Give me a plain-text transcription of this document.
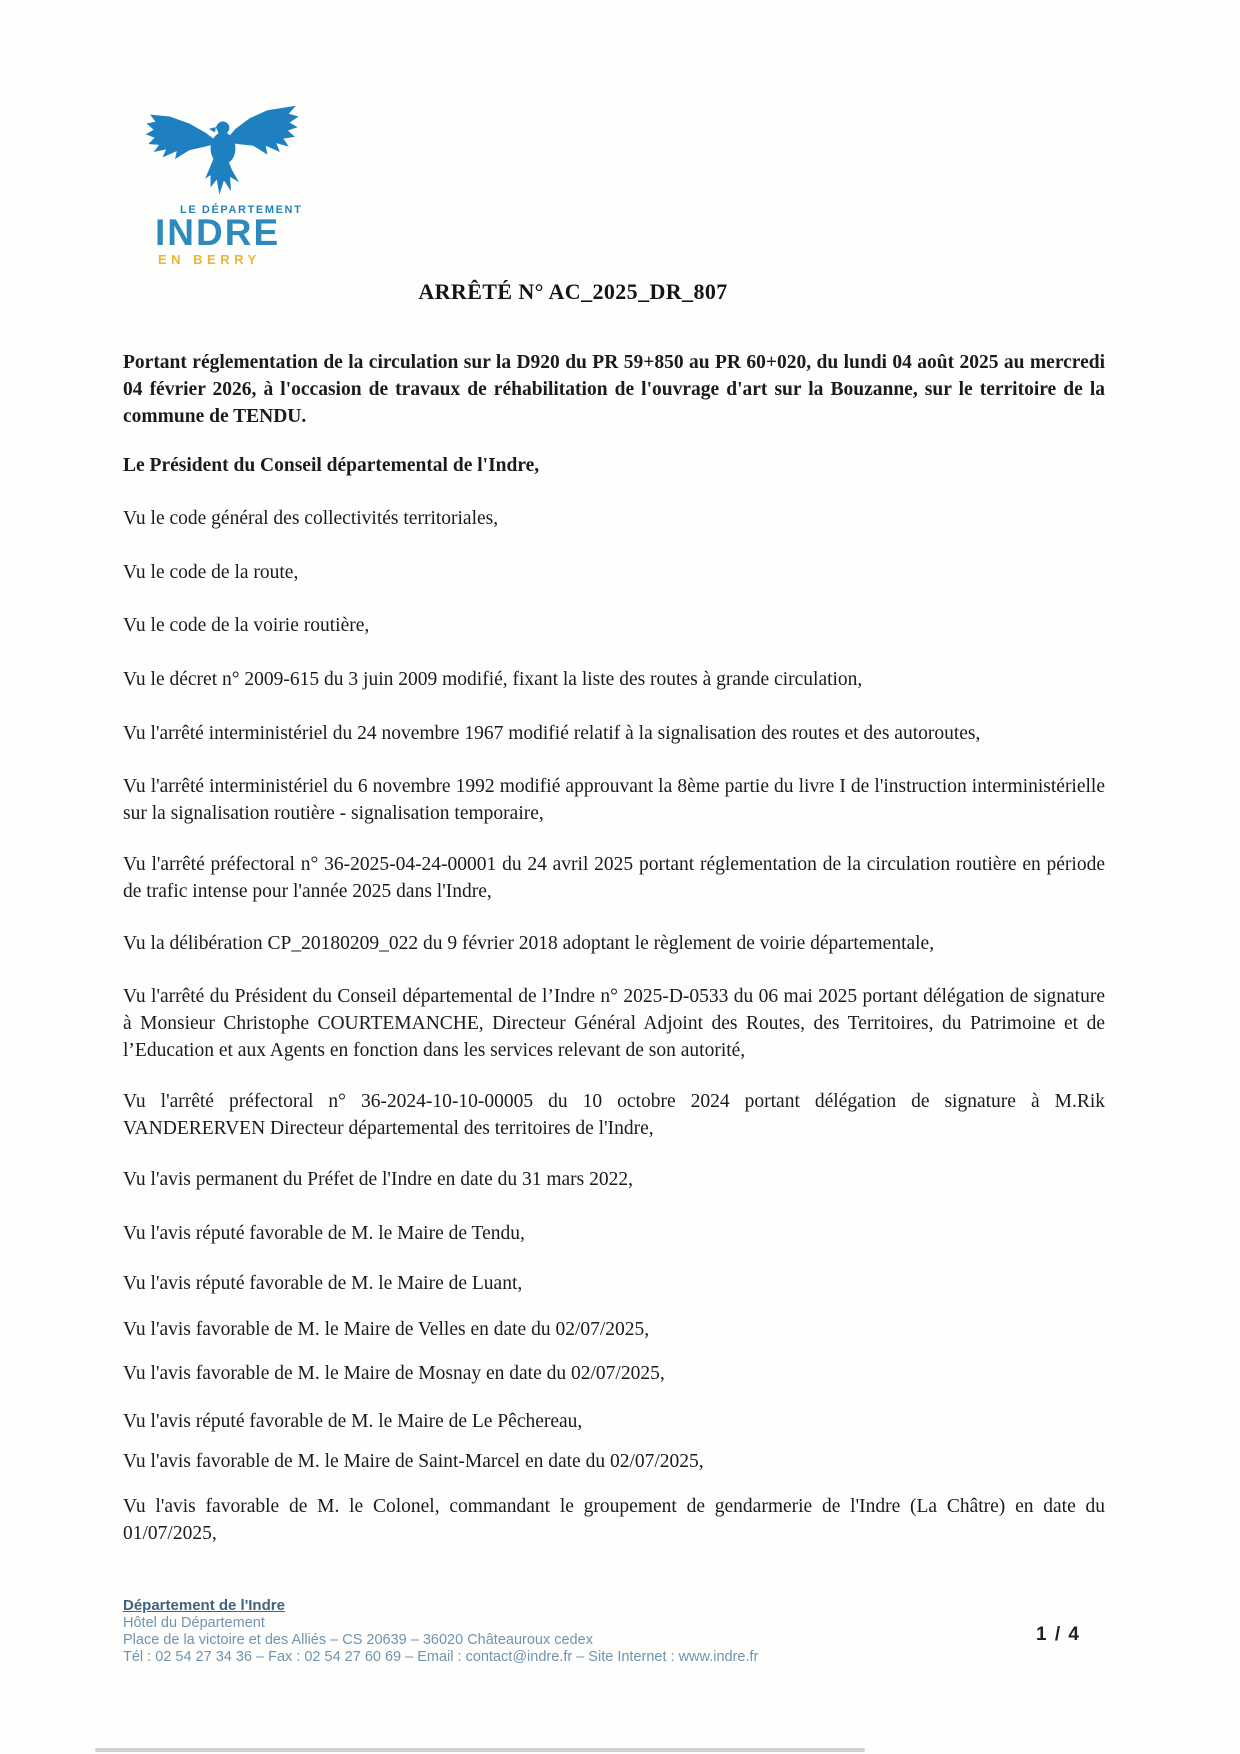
LE DÉPARTEMENT
INDRE
EN BERRY
ARRÊTÉ N° AC_2025_DR_807

Portant réglementation de la circulation sur la D920 du PR 59+850 au PR 60+020, du lundi 04 août 2025 au mercredi 04 février 2026, à l'occasion de travaux de réhabilitation de l'ouvrage d'art sur la Bouzanne, sur le territoire de la commune de TENDU.

Le Président du Conseil départemental de l'Indre,

Vu le code général des collectivités territoriales,

Vu le code de la route,

Vu le code de la voirie routière,

Vu le décret n° 2009-615 du 3 juin 2009 modifié, fixant la liste des routes à grande circulation,

Vu l'arrêté interministériel du 24 novembre 1967 modifié relatif à la signalisation des routes et des autoroutes,

Vu l'arrêté interministériel du 6 novembre 1992 modifié approuvant la 8ème partie du livre I de l'instruction interministérielle sur la signalisation routière - signalisation temporaire,

Vu l'arrêté préfectoral n° 36-2025-04-24-00001 du 24 avril 2025 portant réglementation de la circulation routière en période de trafic intense pour l'année 2025 dans l'Indre,

Vu la délibération CP_20180209_022 du 9 février 2018 adoptant le règlement de voirie départementale,

Vu l'arrêté du Président du Conseil départemental de l’Indre n° 2025-D-0533 du 06 mai 2025 portant délégation de signature à Monsieur Christophe COURTEMANCHE, Directeur Général Adjoint des Routes, des Territoires, du Patrimoine et de l’Education et aux Agents en fonction dans les services relevant de son autorité,

Vu l'arrêté préfectoral n° 36-2024-10-10-00005 du 10 octobre 2024 portant délégation de signature à M.Rik VANDERERVEN Directeur départemental des territoires de l'Indre,

Vu l'avis permanent du Préfet de l'Indre en date du 31 mars 2022,

Vu l'avis réputé favorable de M. le Maire de Tendu,

Vu l'avis réputé favorable de M. le Maire de Luant,

Vu l'avis favorable de M. le Maire de Velles en date du 02/07/2025,

Vu l'avis favorable de M. le Maire de Mosnay en date du 02/07/2025,

Vu l'avis réputé favorable de M. le Maire de Le Pêchereau,

Vu l'avis favorable de M. le Maire de Saint-Marcel en date du 02/07/2025,

Vu l'avis favorable de M. le Colonel, commandant le groupement de gendarmerie de l'Indre (La Châtre) en date du 01/07/2025,

Département de l'Indre
Hôtel du Département
Place de la victoire et des Alliés – CS 20639 – 36020 Châteauroux cedex
Tél : 02 54 27 34 36 – Fax : 02 54 27 60 69 – Email : contact@indre.fr – Site Internet : www.indre.fr
1 / 4
